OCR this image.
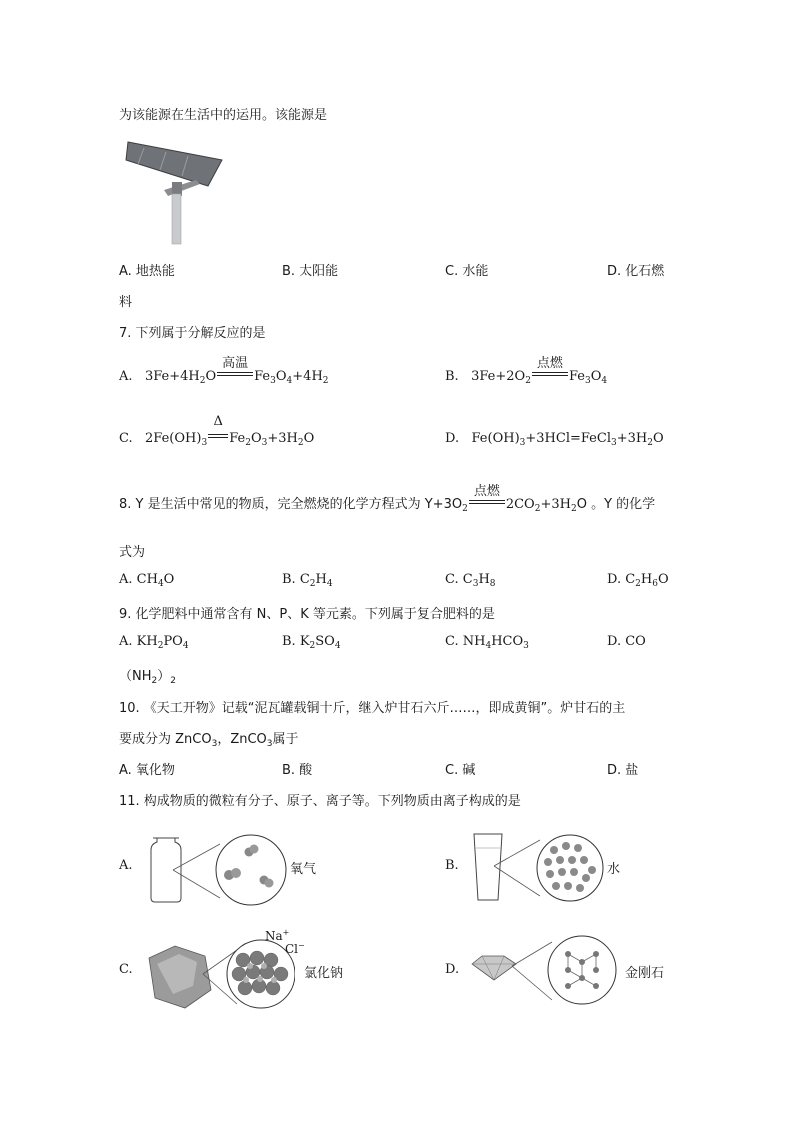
为该能源在生活中的运用。该能源是
A. 地热能	B. 太阳能	C. 水能	D. 化石燃
料
7. 下列属于分解反应的是
A. $3Fe+4H_2O$
高温
$Fe_3O_4+4H_2$	B. $3Fe+2O_2$
点燃
$Fe_3O_4$
C. $2Fe(OH)_3$
Δ
$Fe_2O_3+3H_2O$	D. $Fe(OH)_3+3HCl=FeCl_3+3H_2O$
8. Y 是生活中常见的物质，完全燃烧的化学方程式为 $Y+3O_2$
点燃
$2CO_2+3H_2O$ 。Y 的化学
式为
A. $CH_4O$	B. $C_2H_4$	C. $C_3H_8$	D. $C_2H_6O$
9. 化学肥料中通常含有 N、P、K 等元素。下列属于复合肥料的是
A. $KH_2PO_4$	B. $K_2SO_4$	C. $NH_4HCO_3$	D. CO
$(NH_2)_2$
10. 《天工开物》记载“泥瓦罐载铜十斤，继入炉甘石六斤……，即成黄铜”。炉甘石的主
要成分为 ZnCO$_3$，ZnCO$_3$属于
A. 氧化物	B. 酸	C. 碱	D. 盐
11. 构成物质的微粒有分子、原子、离子等。下列物质由离子构成的是
A.	氧气	B.	水
C.
Na+
Cl−
氯化钠	D.	金刚石
